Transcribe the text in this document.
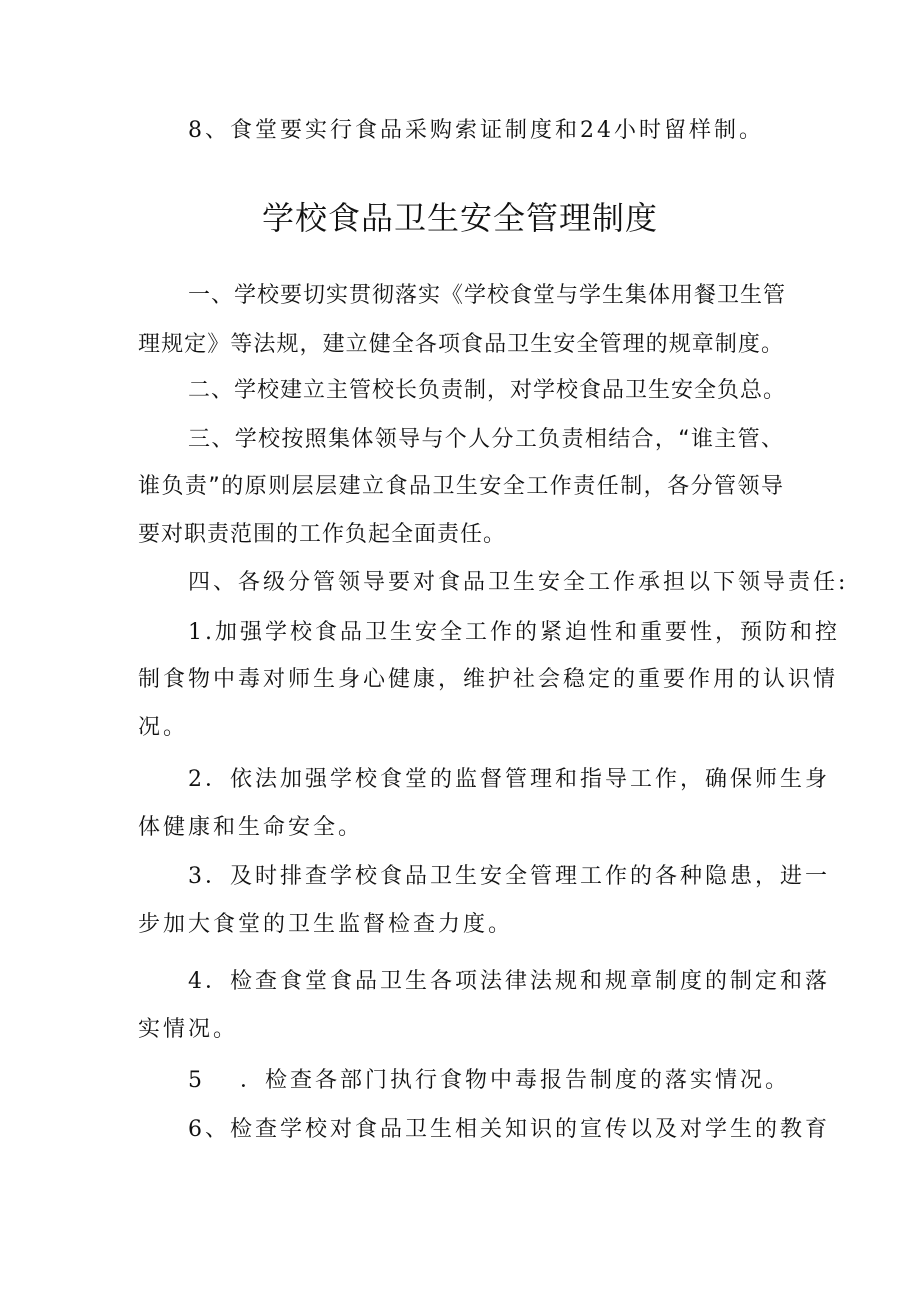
8、食堂要实行食品采购索证制度和24小时留样制。
学校食品卫生安全管理制度
一、学校要切实贯彻落实《学校食堂与学生集体用餐卫生管
理规定》等法规，建立健全各项食品卫生安全管理的规章制度。
二、学校建立主管校长负责制，对学校食品卫生安全负总。
三、学校按照集体领导与个人分工负责相结合，“谁主管、
谁负责”的原则层层建立食品卫生安全工作责任制，各分管领导
要对职责范围的工作负起全面责任。
四、各级分管领导要对食品卫生安全工作承担以下领导责任:
1.加强学校食品卫生安全工作的紧迫性和重要性，预防和控
制食物中毒对师生身心健康，维护社会稳定的重要作用的认识情
况。
2．依法加强学校食堂的监督管理和指导工作，确保师生身
体健康和生命安全。
3．及时排查学校食品卫生安全管理工作的各种隐患，进一
步加大食堂的卫生监督检查力度。
4．检查食堂食品卫生各项法律法规和规章制度的制定和落
实情况。
5 ．检查各部门执行食物中毒报告制度的落实情况。
6、检查学校对食品卫生相关知识的宣传以及对学生的教育
